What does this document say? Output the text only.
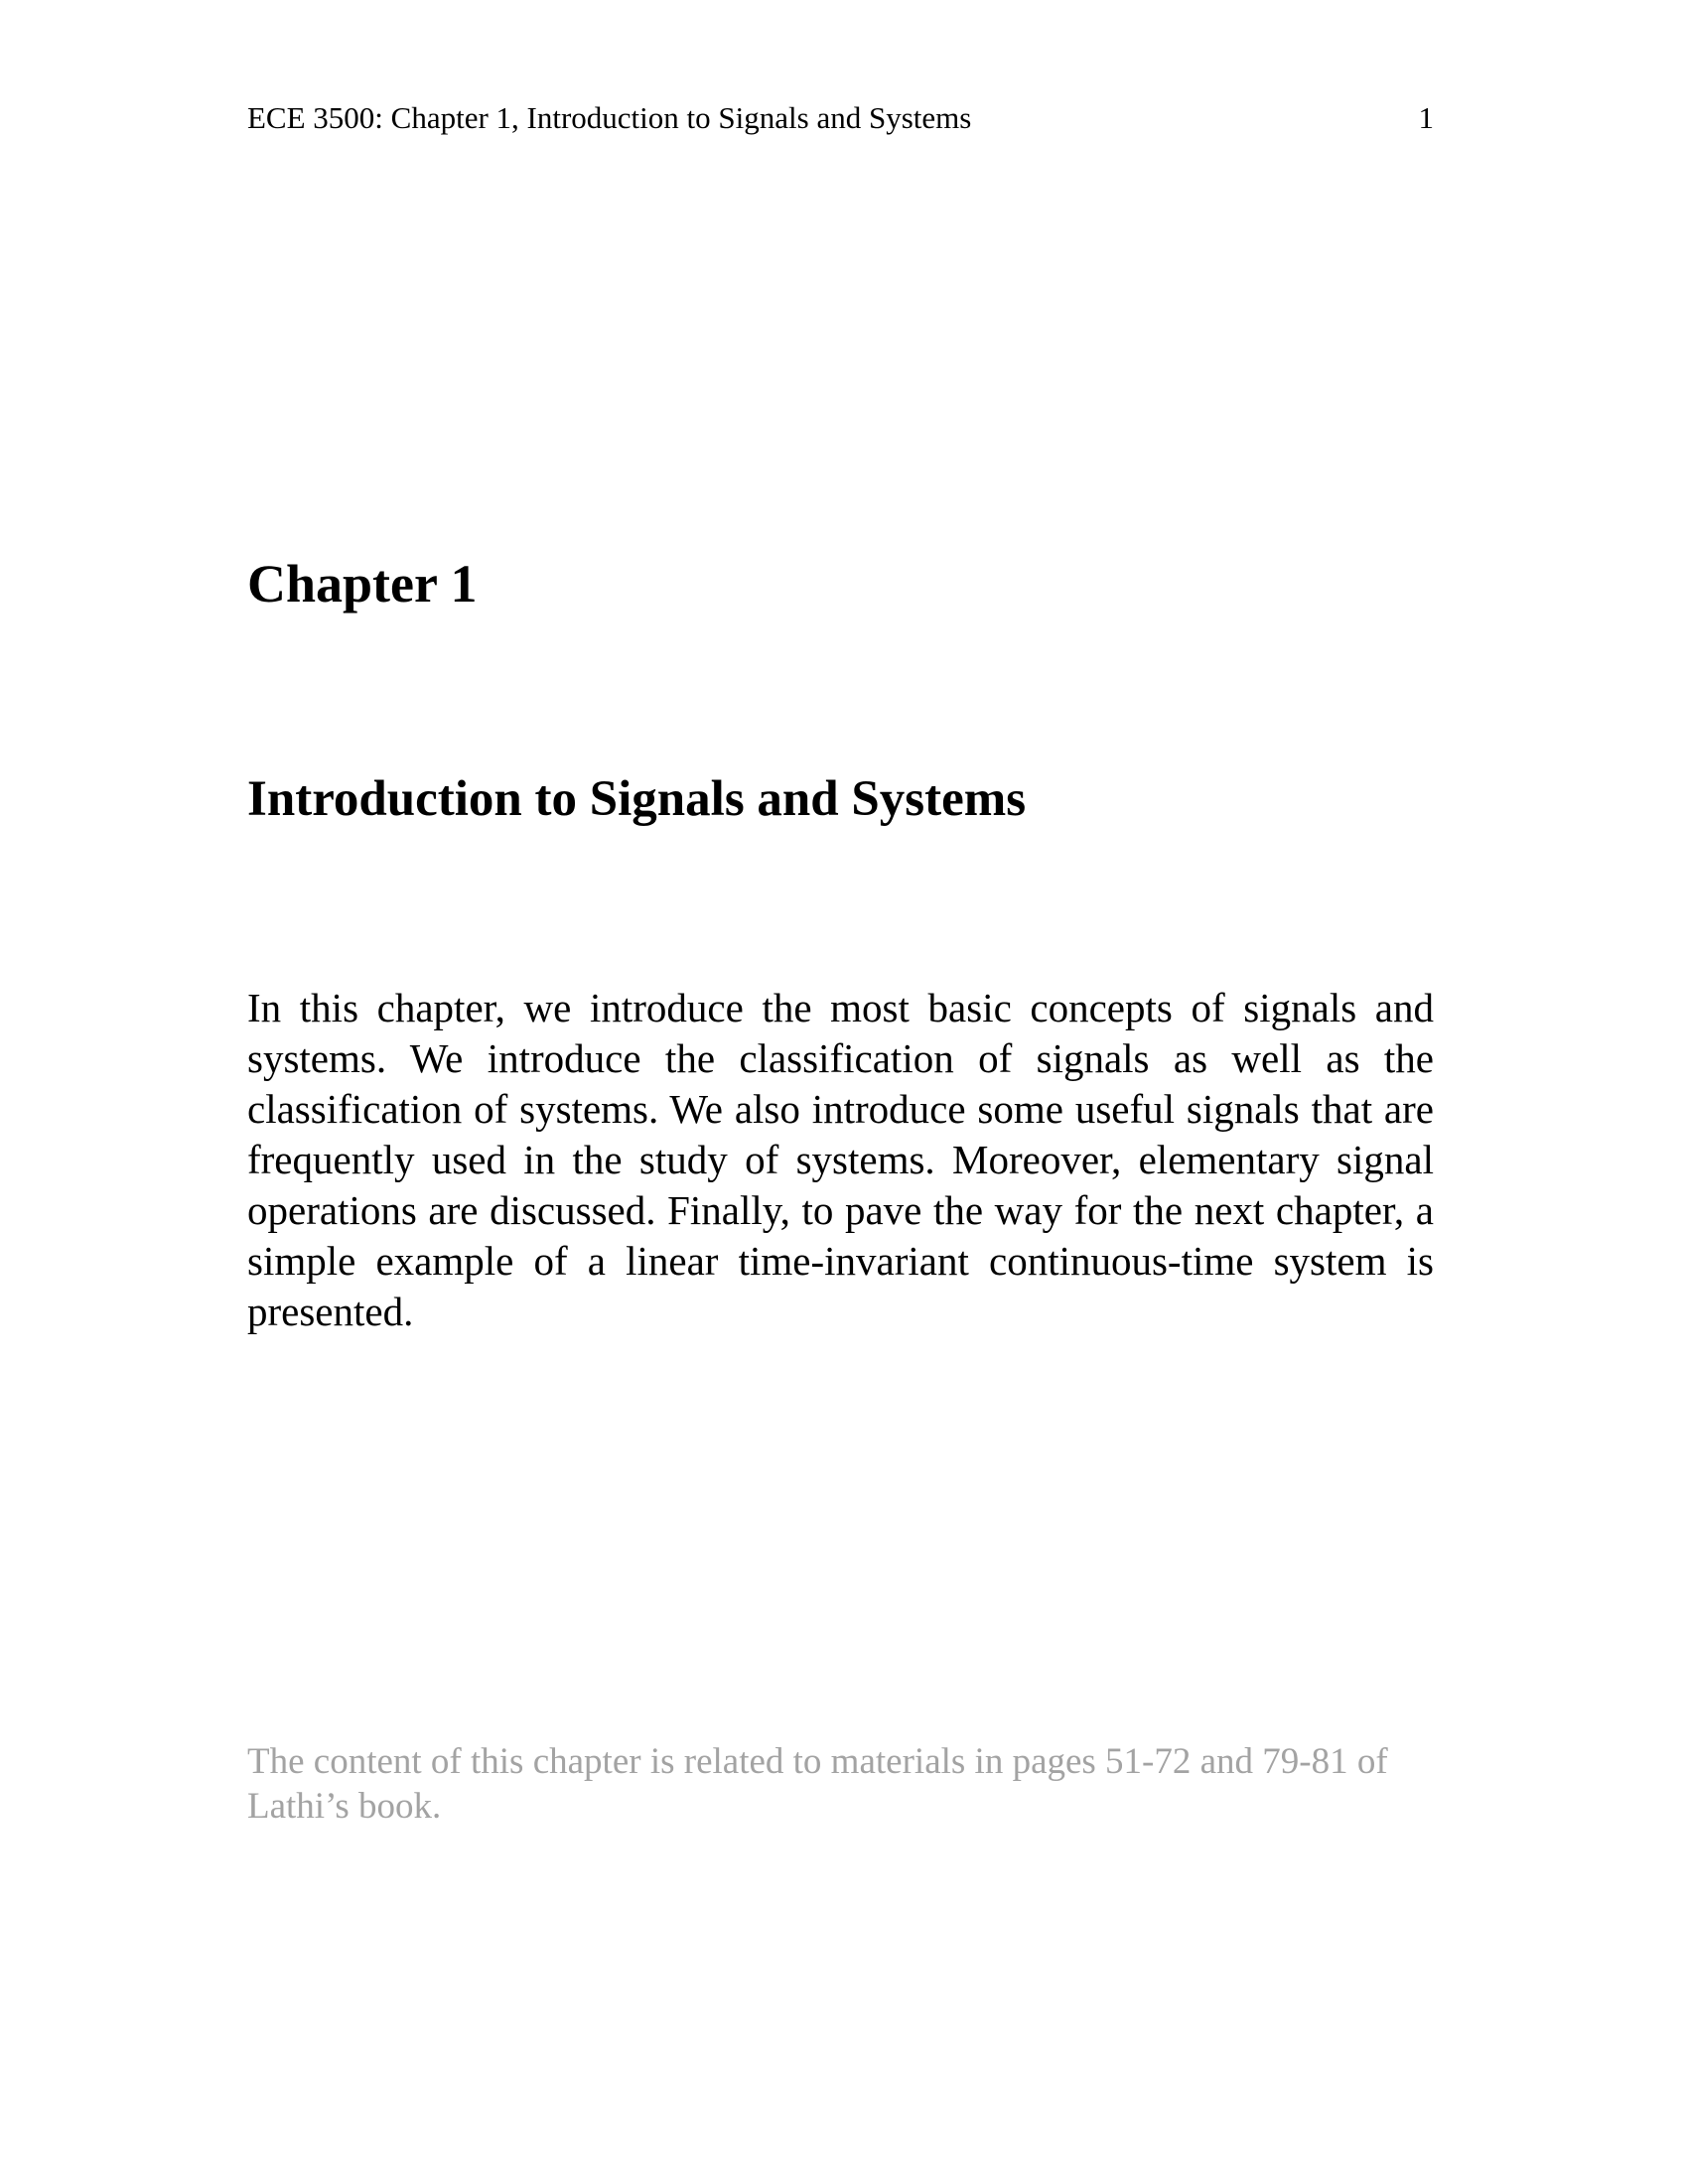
ECE 3500: Chapter 1, Introduction to Signals and Systems	1
Chapter 1
Introduction to Signals and Systems

In this chapter, we introduce the most basic concepts of signals and systems. We introduce the classification of signals as well as the classification of systems. We also introduce some useful signals that are frequently used in the study of systems. Moreover, elementary signal operations are discussed. Finally, to pave the way for the next chapter, a simple example of a linear time-invariant continuous-time system is presented.

The content of this chapter is related to materials in pages 51-72 and 79-81 of Lathi’s book.
